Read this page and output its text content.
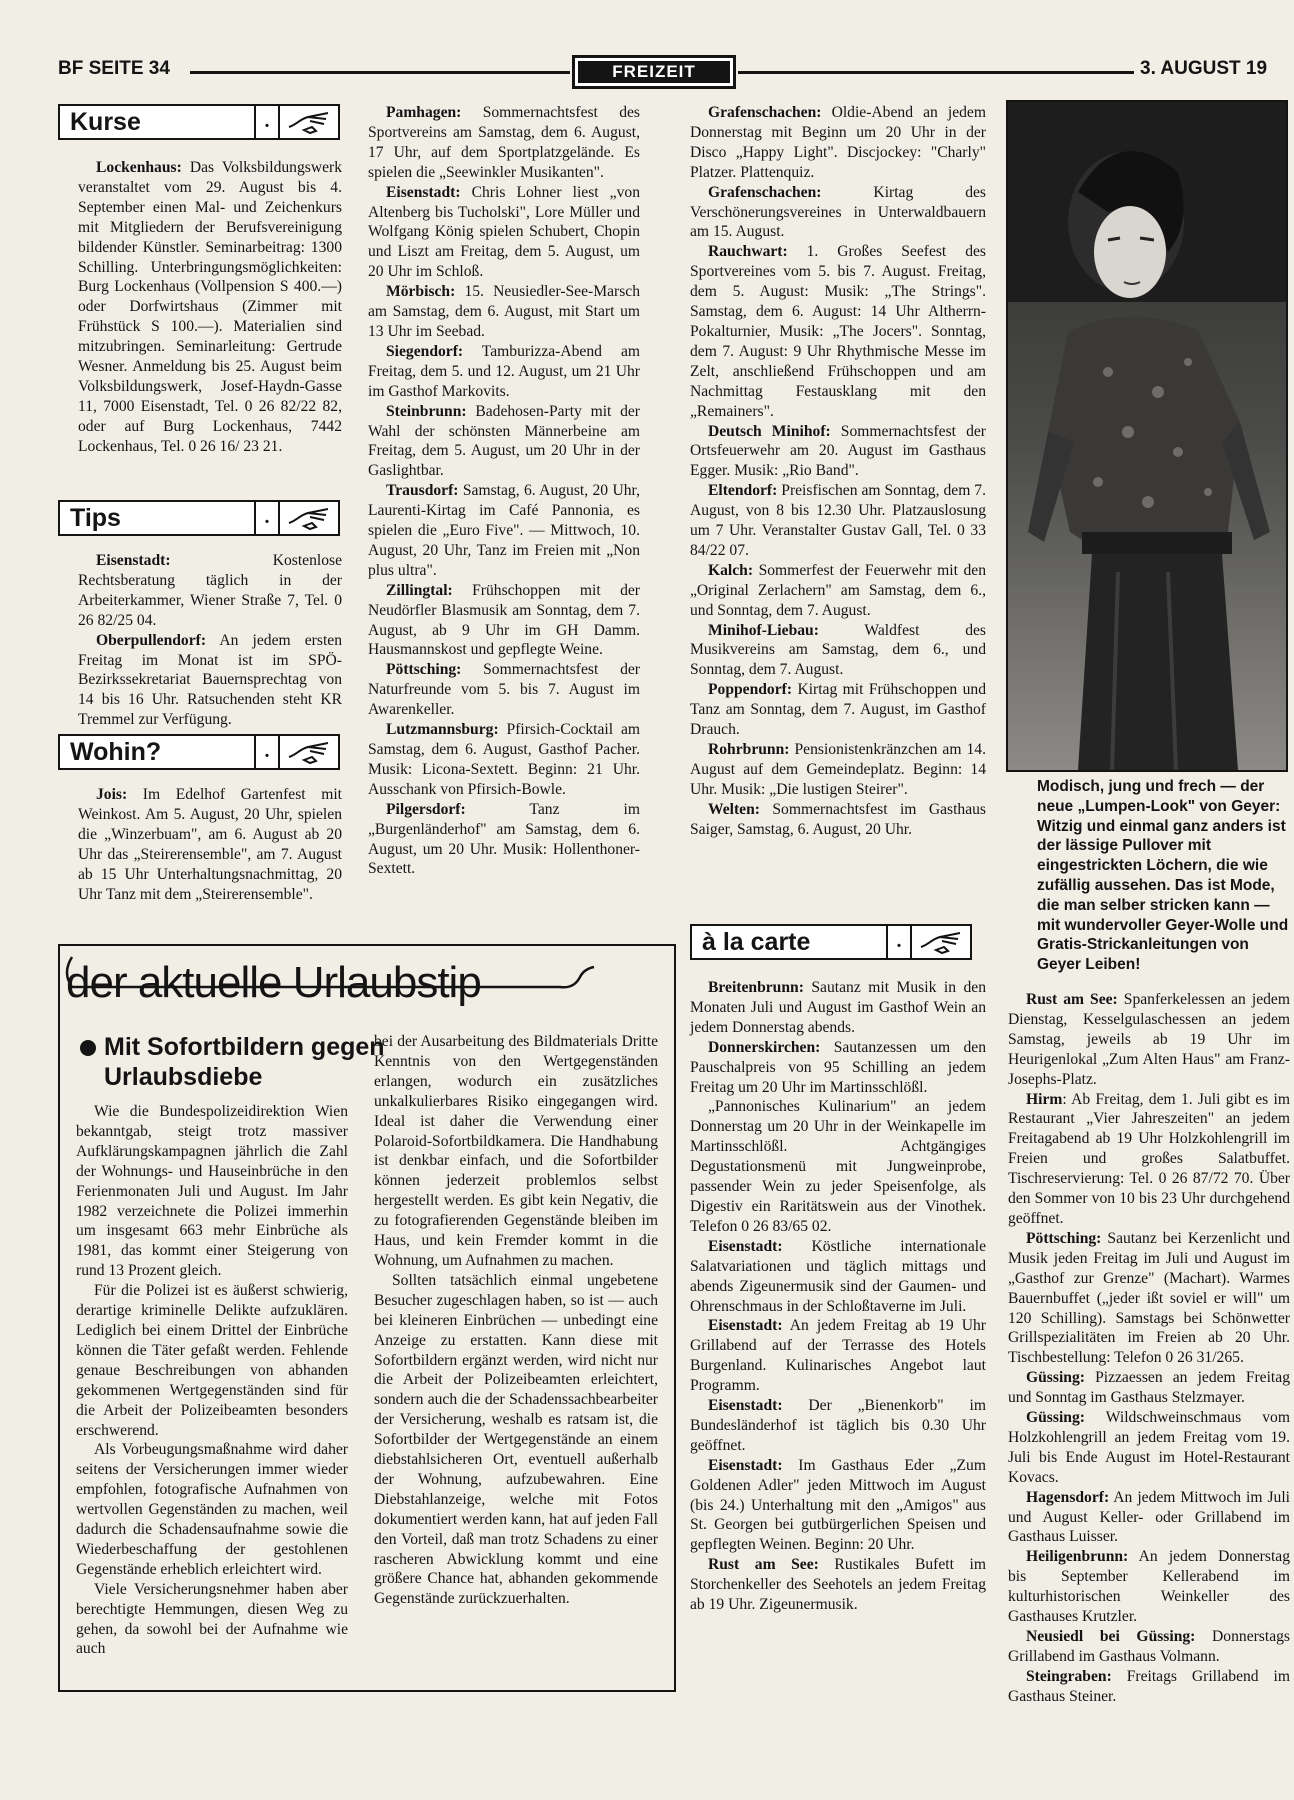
BF SEITE 34	FREIZEIT	3. AUGUST 19
Kurse	.

Lockenhaus: Das Volksbildungswerk veranstaltet vom 29. August bis 4. September einen Mal- und Zeichenkurs mit Mitgliedern der Berufsvereinigung bildender Künstler. Seminarbeitrag: 1300 Schilling. Unterbringungsmöglichkeiten: Burg Lockenhaus (Vollpension S 400.—) oder Dorfwirtshaus (Zimmer mit Frühstück S 100.—). Materialien sind mitzubringen. Seminarleitung: Gertrude Wesner. Anmeldung bis 25. August beim Volksbildungswerk, Josef-Haydn-Gasse 11, 7000 Eisenstadt, Tel. 0 26 82/22 82, oder auf Burg Lockenhaus, 7442 Lockenhaus, Tel. 0 26 16/ 23 21.

Tips	.

Eisenstadt: Kostenlose Rechtsberatung täglich in der Arbeiterkammer, Wiener Straße 7, Tel. 0 26 82/25 04.

Oberpullendorf: An jedem ersten Freitag im Monat ist im SPÖ-Bezirkssekretariat Bauernsprechtag von 14 bis 16 Uhr. Ratsuchenden steht KR Tremmel zur Verfügung.

Wohin?	.

Jois: Im Edelhof Gartenfest mit Weinkost. Am 5. August, 20 Uhr, spielen die „Winzerbuam", am 6. August ab 20 Uhr das „Steirerensemble", am 7. August ab 15 Uhr Unterhaltungsnachmittag, 20 Uhr Tanz mit dem „Steirerensemble".

Pamhagen: Sommernachtsfest des Sportvereins am Samstag, dem 6. August, 17 Uhr, auf dem Sportplatzgelände. Es spielen die „Seewinkler Musikanten".

Eisenstadt: Chris Lohner liest „von Altenberg bis Tucholski", Lore Müller und Wolfgang König spielen Schubert, Chopin und Liszt am Freitag, dem 5. August, um 20 Uhr im Schloß.

Mörbisch: 15. Neusiedler-See-Marsch am Samstag, dem 6. August, mit Start um 13 Uhr im Seebad.

Siegendorf: Tamburizza-Abend am Freitag, dem 5. und 12. August, um 21 Uhr im Gasthof Markovits.

Steinbrunn: Badehosen-Party mit der Wahl der schönsten Männerbeine am Freitag, dem 5. August, um 20 Uhr in der Gaslightbar.

Trausdorf: Samstag, 6. August, 20 Uhr, Laurenti-Kirtag im Café Pannonia, es spielen die „Euro Five". — Mittwoch, 10. August, 20 Uhr, Tanz im Freien mit „Non plus ultra".

Zillingtal: Frühschoppen mit der Neudörfler Blasmusik am Sonntag, dem 7. August, ab 9 Uhr im GH Damm. Hausmannskost und gepflegte Weine.

Pöttsching: Sommernachtsfest der Naturfreunde vom 5. bis 7. August im Awarenkeller.

Lutzmannsburg: Pfirsich-Cocktail am Samstag, dem 6. August, Gasthof Pacher. Musik: Licona-Sextett. Beginn: 21 Uhr. Ausschank von Pfirsich-Bowle.

Pilgersdorf: Tanz im „Burgenländerhof" am Samstag, dem 6. August, um 20 Uhr. Musik: Hollenthoner-Sextett.

Grafenschachen: Oldie-Abend an jedem Donnerstag mit Beginn um 20 Uhr in der Disco „Happy Light". Discjockey: "Charly" Platzer. Plattenquiz.

Grafenschachen: Kirtag des Verschönerungsvereines in Unterwaldbauern am 15. August.

Rauchwart: 1. Großes Seefest des Sportvereines vom 5. bis 7. August. Freitag, dem 5. August: Musik: „The Strings". Samstag, dem 6. August: 14 Uhr Altherrn-Pokalturnier, Musik: „The Jocers". Sonntag, dem 7. August: 9 Uhr Rhythmische Messe im Zelt, anschließend Frühschoppen und am Nachmittag Festausklang mit den „Remainers".

Deutsch Minihof: Sommernachtsfest der Ortsfeuerwehr am 20. August im Gasthaus Egger. Musik: „Rio Band".

Eltendorf: Preisfischen am Sonntag, dem 7. August, von 8 bis 12.30 Uhr. Platzauslosung um 7 Uhr. Veranstalter Gustav Gall, Tel. 0 33 84/22 07.

Kalch: Sommerfest der Feuerwehr mit den „Original Zerlachern" am Samstag, dem 6., und Sonntag, dem 7. August.

Minihof-Liebau: Waldfest des Musikvereins am Samstag, dem 6., und Sonntag, dem 7. August.

Poppendorf: Kirtag mit Frühschoppen und Tanz am Sonntag, dem 7. August, im Gasthof Drauch.

Rohrbrunn: Pensionistenkränzchen am 14. August auf dem Gemeindeplatz. Beginn: 14 Uhr. Musik: „Die lustigen Steirer".

Welten: Sommernachtsfest im Gasthaus Saiger, Samstag, 6. August, 20 Uhr.

Modisch, jung und frech — der neue „Lumpen-Look" von Geyer: Witzig und einmal ganz anders ist der lässige Pullover mit eingestrickten Löchern, die wie zufällig aussehen. Das ist Mode, die man selber stricken kann — mit wundervoller Geyer-Wolle und Gratis-Strickanleitungen von Geyer Leiben!
à la carte	.

Breitenbrunn: Sautanz mit Musik in den Monaten Juli und August im Gasthof Wein an jedem Donnerstag abends.

Donnerskirchen: Sautanzessen um den Pauschalpreis von 95 Schilling an jedem Freitag um 20 Uhr im Martinsschlößl.

„Pannonisches Kulinarium" an jedem Donnerstag um 20 Uhr in der Weinkapelle im Martinsschlößl. Achtgängiges Degustationsmenü mit Jungweinprobe, passender Wein zu jeder Speisenfolge, als Digestiv ein Raritätswein aus der Vinothek. Telefon 0 26 83/65 02.

Eisenstadt: Köstliche internationale Salatvariationen und täglich mittags und abends Zigeunermusik sind der Gaumen- und Ohrenschmaus in der Schloßtaverne im Juli.

Eisenstadt: An jedem Freitag ab 19 Uhr Grillabend auf der Terrasse des Hotels Burgenland. Kulinarisches Angebot laut Programm.

Eisenstadt: Der „Bienenkorb" im Bundesländerhof ist täglich bis 0.30 Uhr geöffnet.

Eisenstadt: Im Gasthaus Eder „Zum Goldenen Adler" jeden Mittwoch im August (bis 24.) Unterhaltung mit den „Amigos" aus St. Georgen bei gutbürgerlichen Speisen und gepflegten Weinen. Beginn: 20 Uhr.

Rust am See: Rustikales Bufett im Storchenkeller des Seehotels an jedem Freitag ab 19 Uhr. Zigeunermusik.

Rust am See: Spanferkelessen an jedem Dienstag, Kesselgulaschessen an jedem Samstag, jeweils ab 19 Uhr im Heurigenlokal „Zum Alten Haus" am Franz-Josephs-Platz.

Hirm: Ab Freitag, dem 1. Juli gibt es im Restaurant „Vier Jahreszeiten" an jedem Freitagabend ab 19 Uhr Holzkohlengrill im Freien und großes Salatbuffet. Tischreservierung: Tel. 0 26 87/72 70. Über den Sommer von 10 bis 23 Uhr durchgehend geöffnet.

Pöttsching: Sautanz bei Kerzenlicht und Musik jeden Freitag im Juli und August im „Gasthof zur Grenze" (Machart). Warmes Bauernbuffet („jeder ißt soviel er will" um 120 Schilling). Samstags bei Schönwetter Grillspezialitäten im Freien ab 20 Uhr. Tischbestellung: Telefon 0 26 31/265.

Güssing: Pizzaessen an jedem Freitag und Sonntag im Gasthaus Stelzmayer.

Güssing: Wildschweinschmaus vom Holzkohlengrill an jedem Freitag vom 19. Juli bis Ende August im Hotel-Restaurant Kovacs.

Hagensdorf: An jedem Mittwoch im Juli und August Keller- oder Grillabend im Gasthaus Luisser.

Heiligenbrunn: An jedem Donnerstag bis September Kellerabend im kulturhistorischen Weinkeller des Gasthauses Krutzler.

Neusiedl bei Güssing: Donnerstags Grillabend im Gasthaus Volmann.

Steingraben: Freitags Grillabend im Gasthaus Steiner.

der aktuelle Urlaubstip
Mit Sofortbildern gegen Urlaubsdiebe

Wie die Bundespolizeidirektion Wien bekanntgab, steigt trotz massiver Aufklärungskampagnen jährlich die Zahl der Wohnungs- und Hauseinbrüche in den Ferienmonaten Juli und August. Im Jahr 1982 verzeichnete die Polizei immerhin um insgesamt 663 mehr Einbrüche als 1981, das kommt einer Steigerung von rund 13 Prozent gleich.

Für die Polizei ist es äußerst schwierig, derartige kriminelle Delikte aufzuklären. Lediglich bei einem Drittel der Einbrüche können die Täter gefaßt werden. Fehlende genaue Beschreibungen von abhanden gekommenen Wertgegenständen sind für die Arbeit der Polizeibeamten besonders erschwerend.

Als Vorbeugungsmaßnahme wird daher seitens der Versicherungen immer wieder empfohlen, fotografische Aufnahmen von wertvollen Gegenständen zu machen, weil dadurch die Schadensaufnahme sowie die Wiederbeschaffung der gestohlenen Gegenstände erheblich erleichtert wird.

Viele Versicherungsnehmer haben aber berechtigte Hemmungen, diesen Weg zu gehen, da sowohl bei der Aufnahme wie auch

bei der Ausarbeitung des Bildmaterials Dritte Kenntnis von den Wertgegenständen erlangen, wodurch ein zusätzliches unkalkulierbares Risiko eingegangen wird. Ideal ist daher die Verwendung einer Polaroid-Sofortbildkamera. Die Handhabung ist denkbar einfach, und die Sofortbilder können jederzeit problemlos selbst hergestellt werden. Es gibt kein Negativ, die zu fotografierenden Gegenstände bleiben im Haus, und kein Fremder kommt in die Wohnung, um Aufnahmen zu machen.

Sollten tatsächlich einmal ungebetene Besucher zugeschlagen haben, so ist — auch bei kleineren Einbrüchen — unbedingt eine Anzeige zu erstatten. Kann diese mit Sofortbildern ergänzt werden, wird nicht nur die Arbeit der Polizeibeamten erleichtert, sondern auch die der Schadenssachbearbeiter der Versicherung, weshalb es ratsam ist, die Sofortbilder der Wertgegenstände an einem diebstahlsicheren Ort, eventuell außerhalb der Wohnung, aufzubewahren. Eine Diebstahlanzeige, welche mit Fotos dokumentiert werden kann, hat auf jeden Fall den Vorteil, daß man trotz Schadens zu einer rascheren Abwicklung kommt und eine größere Chance hat, abhanden gekommende Gegenstände zurückzuerhalten.
